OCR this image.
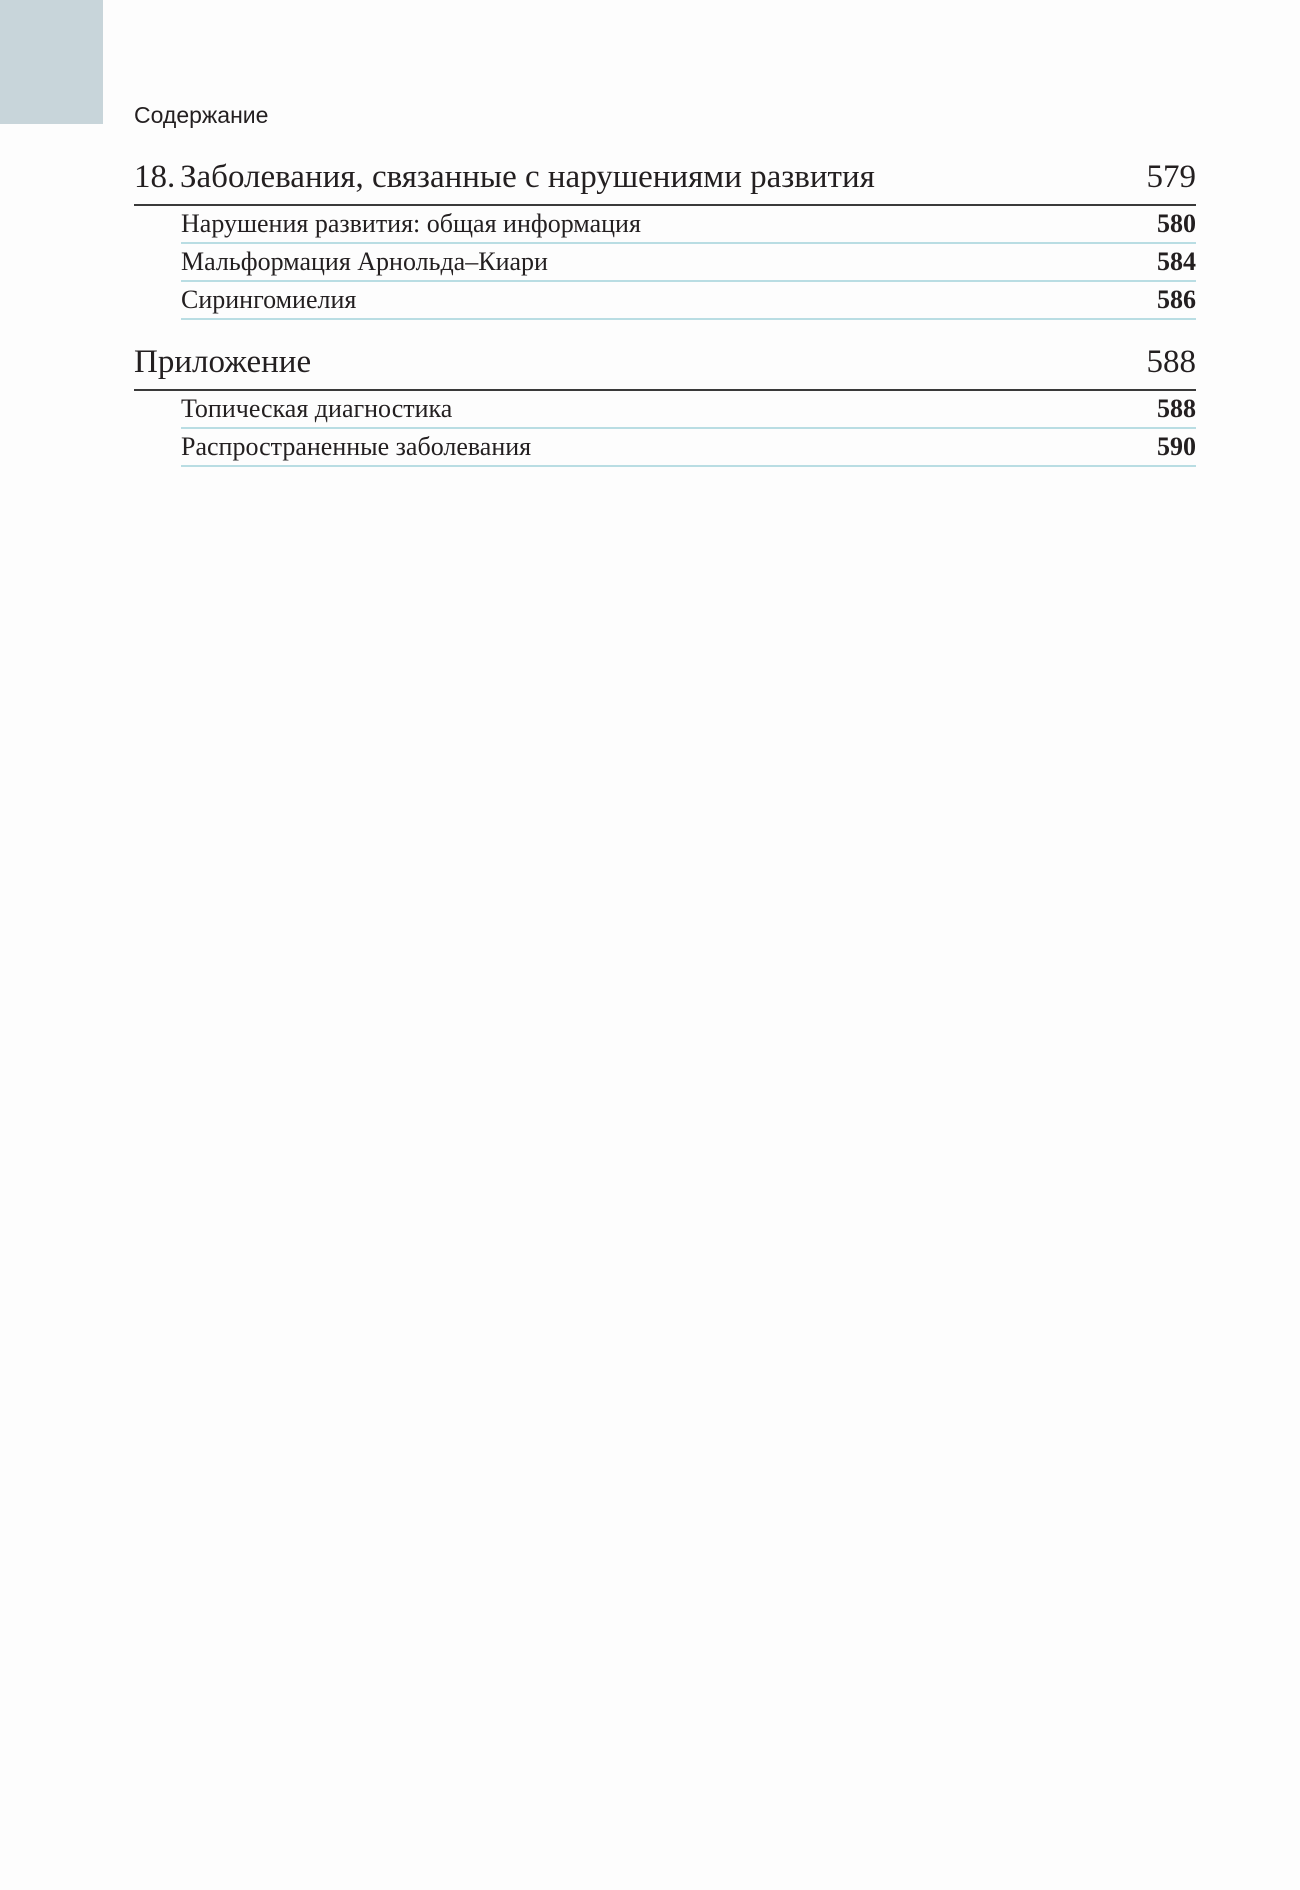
Содержание
18. Заболевания, связанные с нарушениями развития	579
Нарушения развития: общая информация	580
Мальформация Арнольда–Киари	584
Сирингомиелия	586
Приложение	588
Топическая диагностика	588
Распространенные заболевания	590
